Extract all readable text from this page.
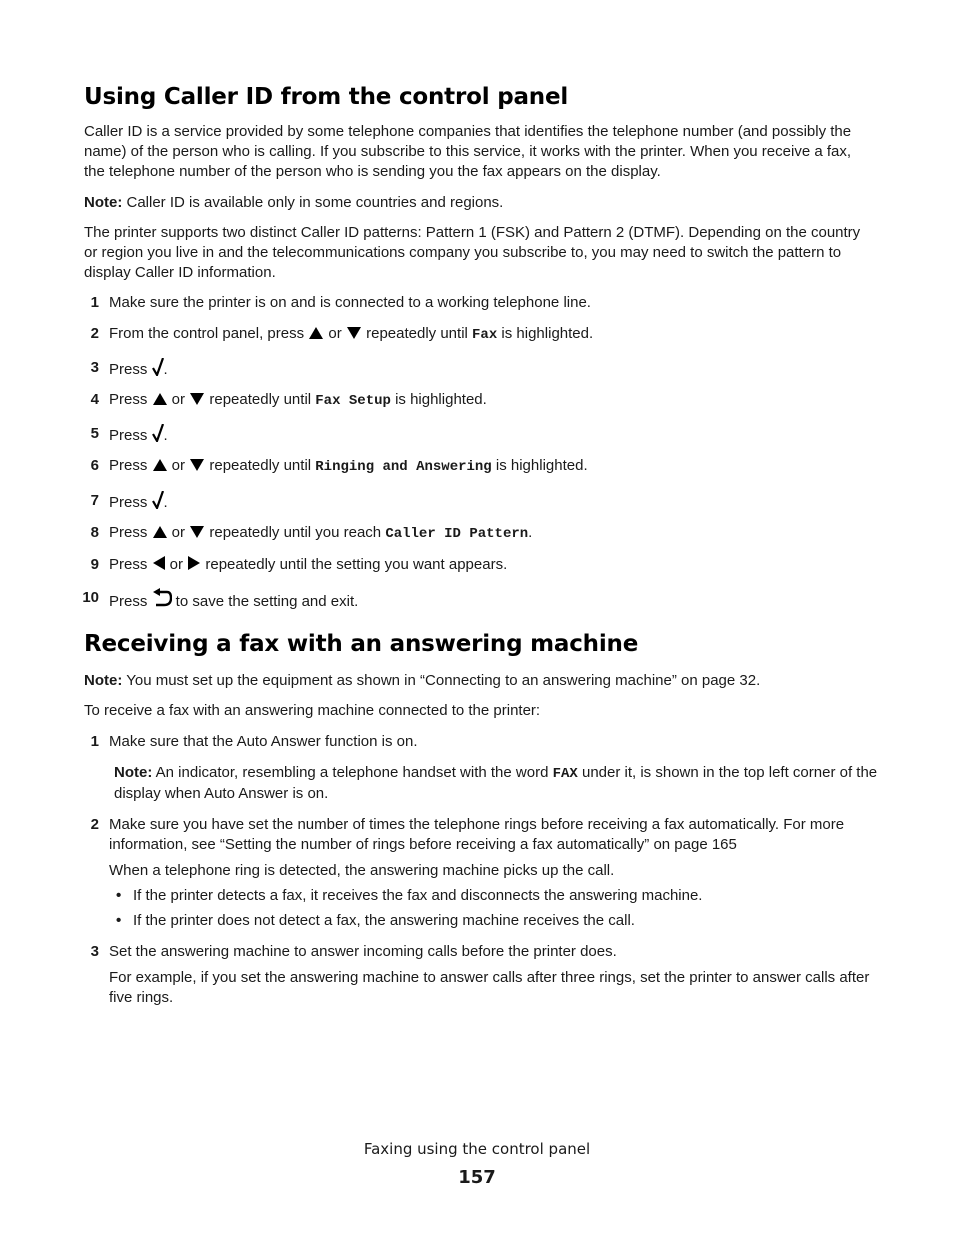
Using Caller ID from the control panel

Caller ID is a service provided by some telephone companies that identifies the telephone number (and possibly the name) of the person who is calling. If you subscribe to this service, it works with the printer. When you receive a fax, the telephone number of the person who is sending you the fax appears on the display.

Note: Caller ID is available only in some countries and regions.

The printer supports two distinct Caller ID patterns: Pattern 1 (FSK) and Pattern 2 (DTMF). Depending on the country or region you live in and the telecommunications company you subscribe to, you may need to switch the pattern to display Caller ID information.

1 Make sure the printer is on and is connected to a working telephone line.
2 From the control panel, press
or
repeatedly until Fax is highlighted.
3 Press
.
4 Press
or
repeatedly until Fax Setup is highlighted.
5 Press
.
6 Press
or
repeatedly until Ringing and Answering is highlighted.
7 Press
.
8 Press
or
repeatedly until you reach Caller ID Pattern.
9 Press
or
repeatedly until the setting you want appears.
10 Press
to save the setting and exit.
Receiving a fax with an answering machine

Note: You must set up the equipment as shown in “Connecting to an answering machine” on page 32.

To receive a fax with an answering machine connected to the printer:

1 Make sure that the Auto Answer function is on.

Note: An indicator, resembling a telephone handset with the word FAX under it, is shown in the top left corner of the display when Auto Answer is on.

2 Make sure you have set the number of times the telephone rings before receiving a fax automatically. For more information, see “Setting the number of rings before receiving a fax automatically” on page 165

When a telephone ring is detected, the answering machine picks up the call.

• If the printer detects a fax, it receives the fax and disconnects the answering machine.
• If the printer does not detect a fax, the answering machine receives the call.
3 Set the answering machine to answer incoming calls before the printer does.

For example, if you set the answering machine to answer calls after three rings, set the printer to answer calls after five rings.

Faxing using the control panel
157
